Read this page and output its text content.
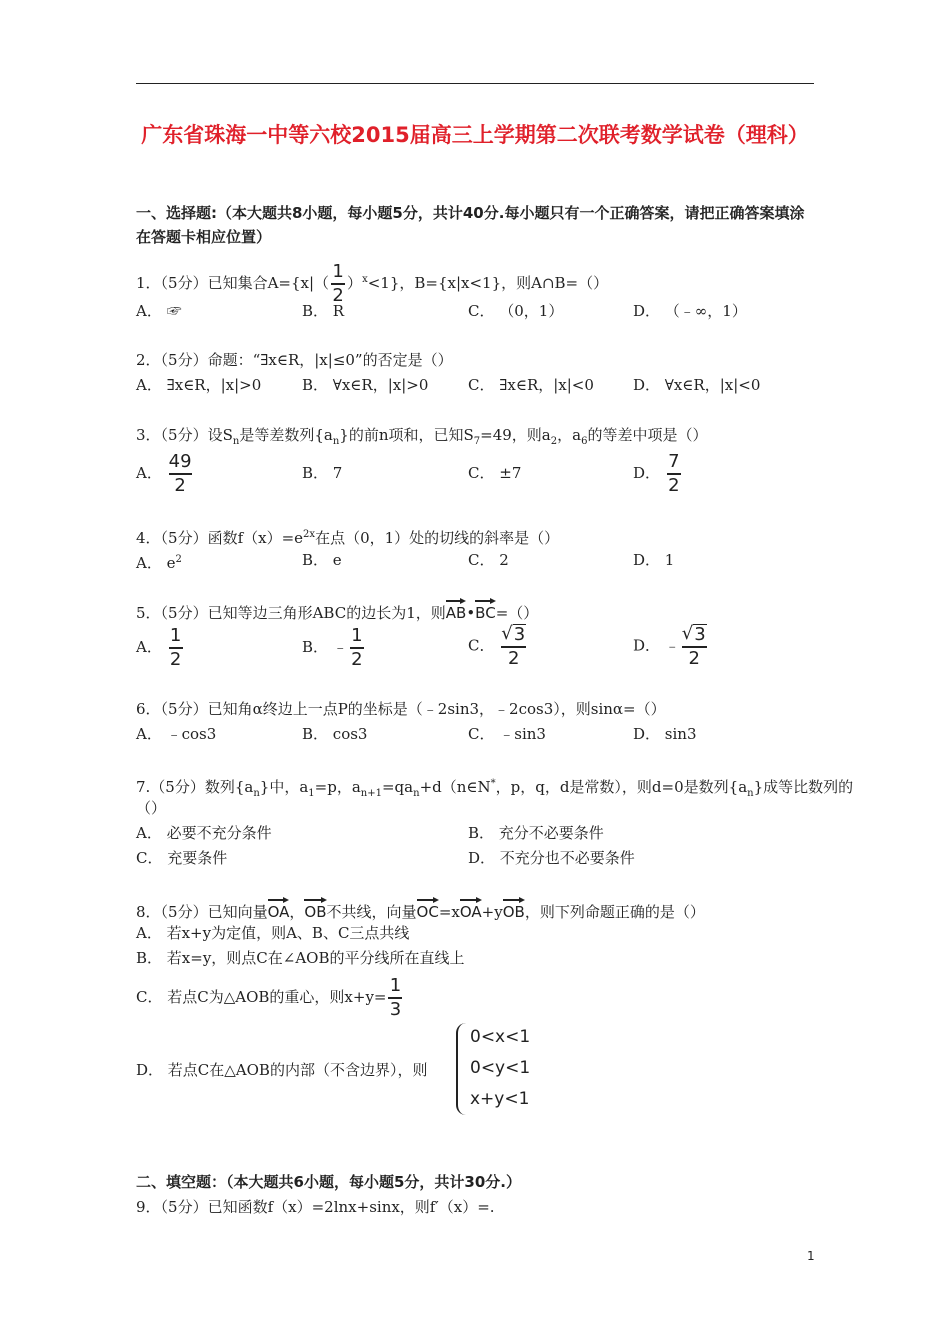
广东省珠海一中等六校2015届高三上学期第二次联考数学试卷（理科）
一、选择题:（本大题共8小题，每小题5分，共计40分.每小题只有一个正确答案，请把正确答案填涂在答题卡相应位置）
1．（5分）已知集合$A=\{x|( \frac{1}{2} )^x<1\}$，B={x|x<1}，则A∩B=（）
A． ☞	B． R	C． （0，1）	D． （﹣∞，1）
2．（5分）命题：“∃x∈R，|x|≤0”的否定是（）
A． ∃x∈R，|x|>0	B． ∀x∈R，|x|>0	C． ∃x∈R，|x|<0	D． ∀x∈R，|x|<0
3．（5分）设$S_n$是等差数列$\{a_n\}$的前n项和，已知$S_7=49$，则$a_2$，$a_6$的等差中项是（）
A． $\frac{49}{2}$	B． 7	C． ±7	D． $\frac{7}{2}$
4．（5分）函数$f(x)=e^{2x}$在点（0，1）处的切线的斜率是（）
A． $e^2$	B． e	C． 2	D． 1
5．（5分）已知等边三角形ABC的边长为1，则AB•BC=（）
A． $\frac{1}{2}$	B． ﹣ $\frac{1}{2}$	C． $\frac{√ 3}{2}$	D． ﹣ $\frac{√ 3}{2}$
6．（5分）已知角α终边上一点P的坐标是（﹣2sin3，﹣2cos3），则sinα=（）
A． ﹣cos3	B． cos3	C． ﹣sin3	D． sin3
7.（5分）数列$\{a_n\}$中，$a_1=p$，$a_{n+1}=qa_n+d(n\in N^*$，p，q，d是常数），则d=0是数列$\{a_n\}$成等比数列的
（）
A． 必要不充分条件	B． 充分不必要条件
C． 充要条件	D． 不充分也不必要条件
8．（5分）已知向量OA，OB不共线，向量OC=xOA+yOB，则下列命题正确的是（）
A． 若x+y为定值，则A、B、C三点共线
B． 若x=y，则点C在∠AOB的平分线所在直线上
C． 若点C为△AOB的重心，则$x+y= \frac{1}{3}$
D． 若点C在△AOB的内部（不含边界），则
0<x<1
0<y<1
x+y<1
二、填空题：（本大题共6小题，每小题5分，共计30分.）
9．（5分）已知函数f（x）=2lnx+sinx，则f′（x）=.
1
